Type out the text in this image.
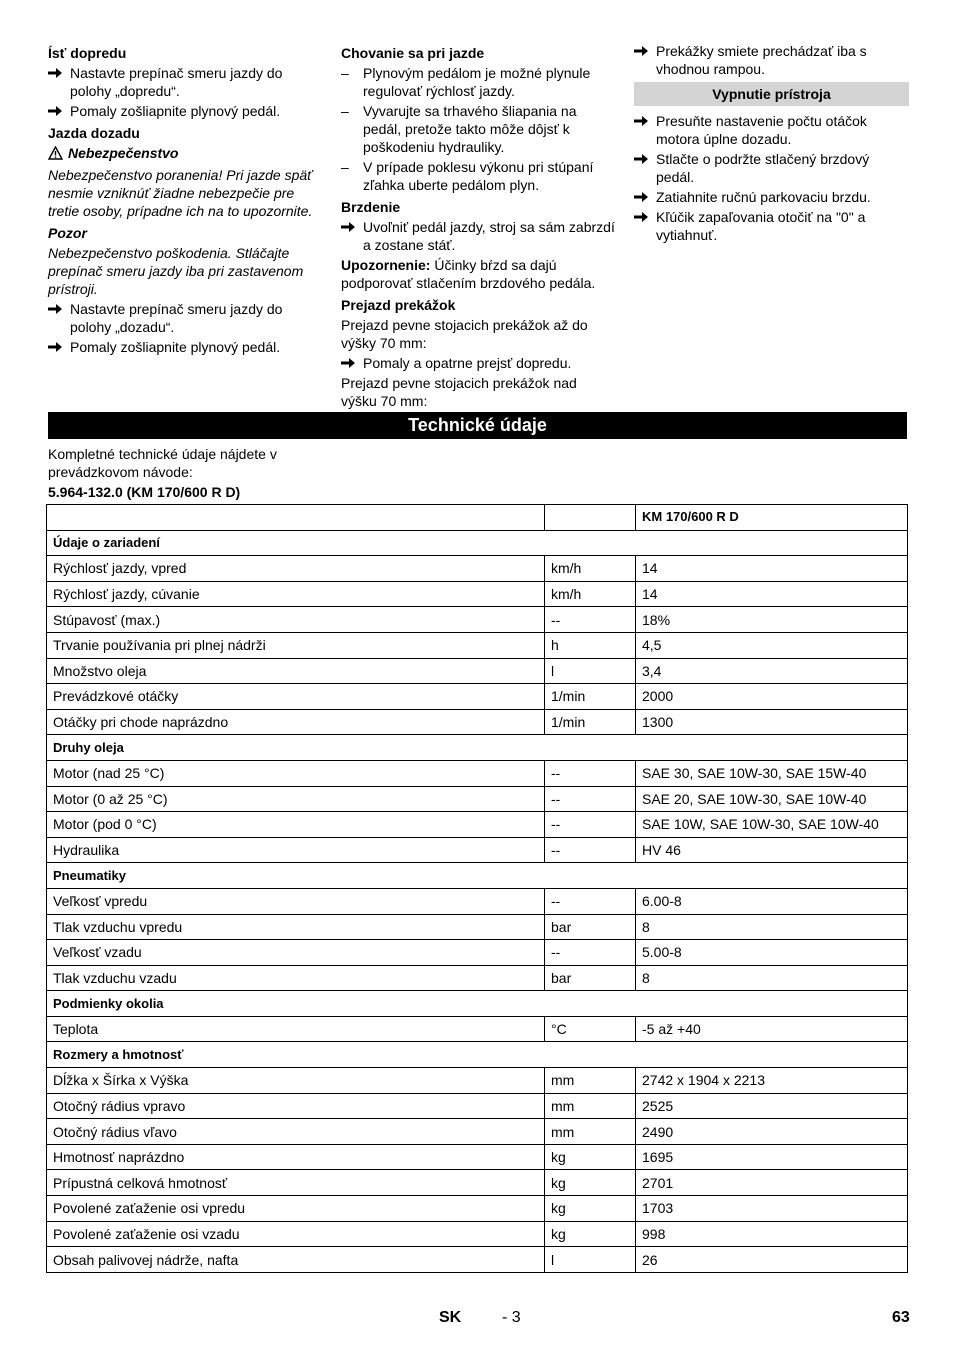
Ísť dopredu
Nastavte prepínač smeru jazdy do polohy „dopredu“.
Pomaly zošliapnite plynový pedál.
Jazda dozadu
Nebezpečenstvo
Nebezpečenstvo poranenia! Pri jazde späť nesmie vzniknúť žiadne nebezpečie pre tretie osoby, prípadne ich na to upozornite.
Pozor
Nebezpečenstvo poškodenia. Stláčajte prepínač smeru jazdy iba pri zastavenom prístroji.
Nastavte prepínač smeru jazdy do polohy „dozadu“.
Pomaly zošliapnite plynový pedál.
Chovanie sa pri jazde
–	Plynovým pedálom je možné plynule regulovať rýchlosť jazdy.
–	Vyvarujte sa trhavého šliapania na pedál, pretože takto môže dôjsť k poškodeniu hydrauliky.
–	V prípade poklesu výkonu pri stúpaní zľahka uberte pedálom plyn.
Brzdenie
Uvoľniť pedál jazdy, stroj sa sám zabrzdí a zostane stáť.
Upozornenie: Účinky bŕzd sa dajú podporovať stlačením brzdového pedála.
Prejazd prekážok
Prejazd pevne stojacich prekážok až do výšky 70 mm:
Pomaly a opatrne prejsť dopredu.
Prejazd pevne stojacich prekážok nad výšku 70 mm:
Prekážky smiete prechádzať iba s vhodnou rampou.
Vypnutie prístroja
Presuňte nastavenie počtu otáčok motora úplne dozadu.
Stlačte o podržte stlačený brzdový pedál.
Zatiahnite ručnú parkovaciu brzdu.
Kľúčik zapaľovania otočiť na "0" a vytiahnuť.
Technické údaje
Kompletné technické údaje nájdete v prevádzkovom návode:
5.964-132.0 (KM 170/600 R D)
		KM 170/600 R D
Údaje o zariadení		
Rýchlosť jazdy, vpred	km/h	14
Rýchlosť jazdy, cúvanie	km/h	14
Stúpavosť (max.)	--	18%
Trvanie používania pri plnej nádrži	h	4,5
Množstvo oleja	l	3,4
Prevádzkové otáčky	1/min	2000
Otáčky pri chode naprázdno	1/min	1300
Druhy oleja		
Motor (nad 25 °C)	--	SAE 30, SAE 10W-30, SAE 15W-40
Motor (0 až 25 °C)	--	SAE 20, SAE 10W-30, SAE 10W-40
Motor (pod 0 °C)	--	SAE 10W, SAE 10W-30, SAE 10W-40
Hydraulika	--	HV 46
Pneumatiky		
Veľkosť vpredu	--	6.00-8
Tlak vzduchu vpredu	bar	8
Veľkosť vzadu	--	5.00-8
Tlak vzduchu vzadu	bar	8
Podmienky okolia		
Teplota	°C	-5 až +40
Rozmery a hmotnosť		
Dĺžka x Šírka x Výška	mm	2742 x 1904 x 2213
Otočný rádius vpravo	mm	2525
Otočný rádius vľavo	mm	2490
Hmotnosť naprázdno	kg	1695
Prípustná celková hmotnosť	kg	2701
Povolené zaťaženie osi vpredu	kg	1703
Povolené zaťaženie osi vzadu	kg	998
Obsah palivovej nádrže, nafta	l	26
SK	- 3	63
